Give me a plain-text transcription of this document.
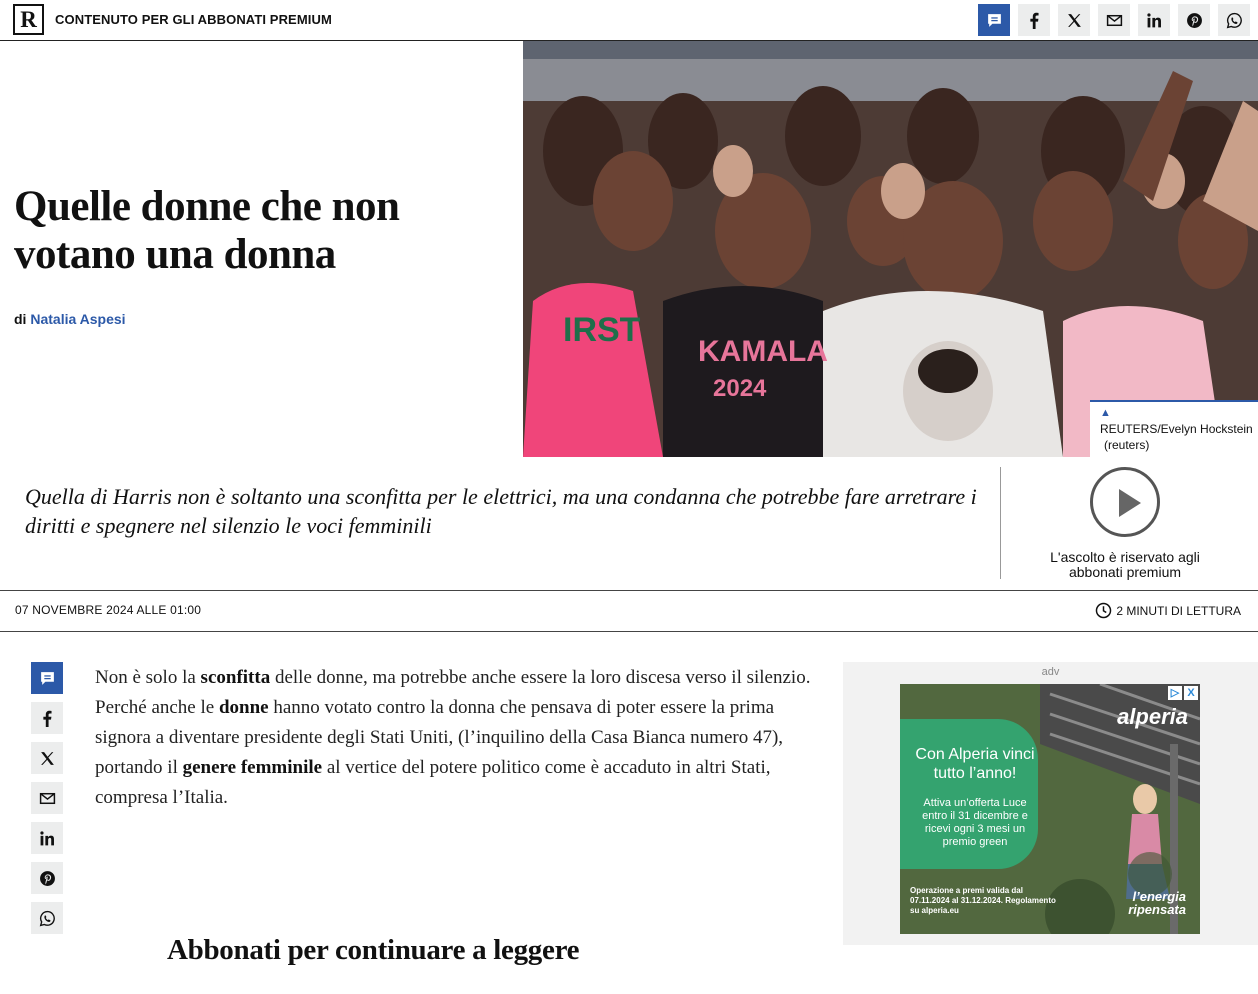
R	CONTENUTO PER GLI ABBONATI PREMIUM
Quelle donne che non votano una donna
di Natalia Aspesi	IRST
KAMALA
2024
▲
REUTERS/Evelyn Hockstein
(reuters)

Quella di Harris non è soltanto una sconfitta per le elettrici, ma una condanna che potrebbe fare arretrare i diritti e spegnere nel silenzio le voci femminili

L'ascolto è riservato agli abbonati premium
07 NOVEMBRE 2024 ALLE 01:00	2 MINUTI DI LETTURA

Non è solo la sconfitta delle donne, ma potrebbe anche essere la loro discesa verso il silenzio. Perché anche le donne hanno votato contro la donna che pensava di poter essere la prima signora a diventare presidente degli Stati Uniti, (l’inquilino della Casa Bianca numero 47), portando il genere femminile al vertice del potere politico come è accaduto in altri Stati, compresa l’Italia.

adv
▷ X
alperia
Con Alperia vinci tutto l’anno!
Attiva un’offerta Luce entro il 31 dicembre e ricevi ogni 3 mesi un premio green
Operazione a premi valida dal 07.11.2024 al 31.12.2024. Regolamento su alperia.eu
l’energia
ripensata
Abbonati per continuare a leggere
